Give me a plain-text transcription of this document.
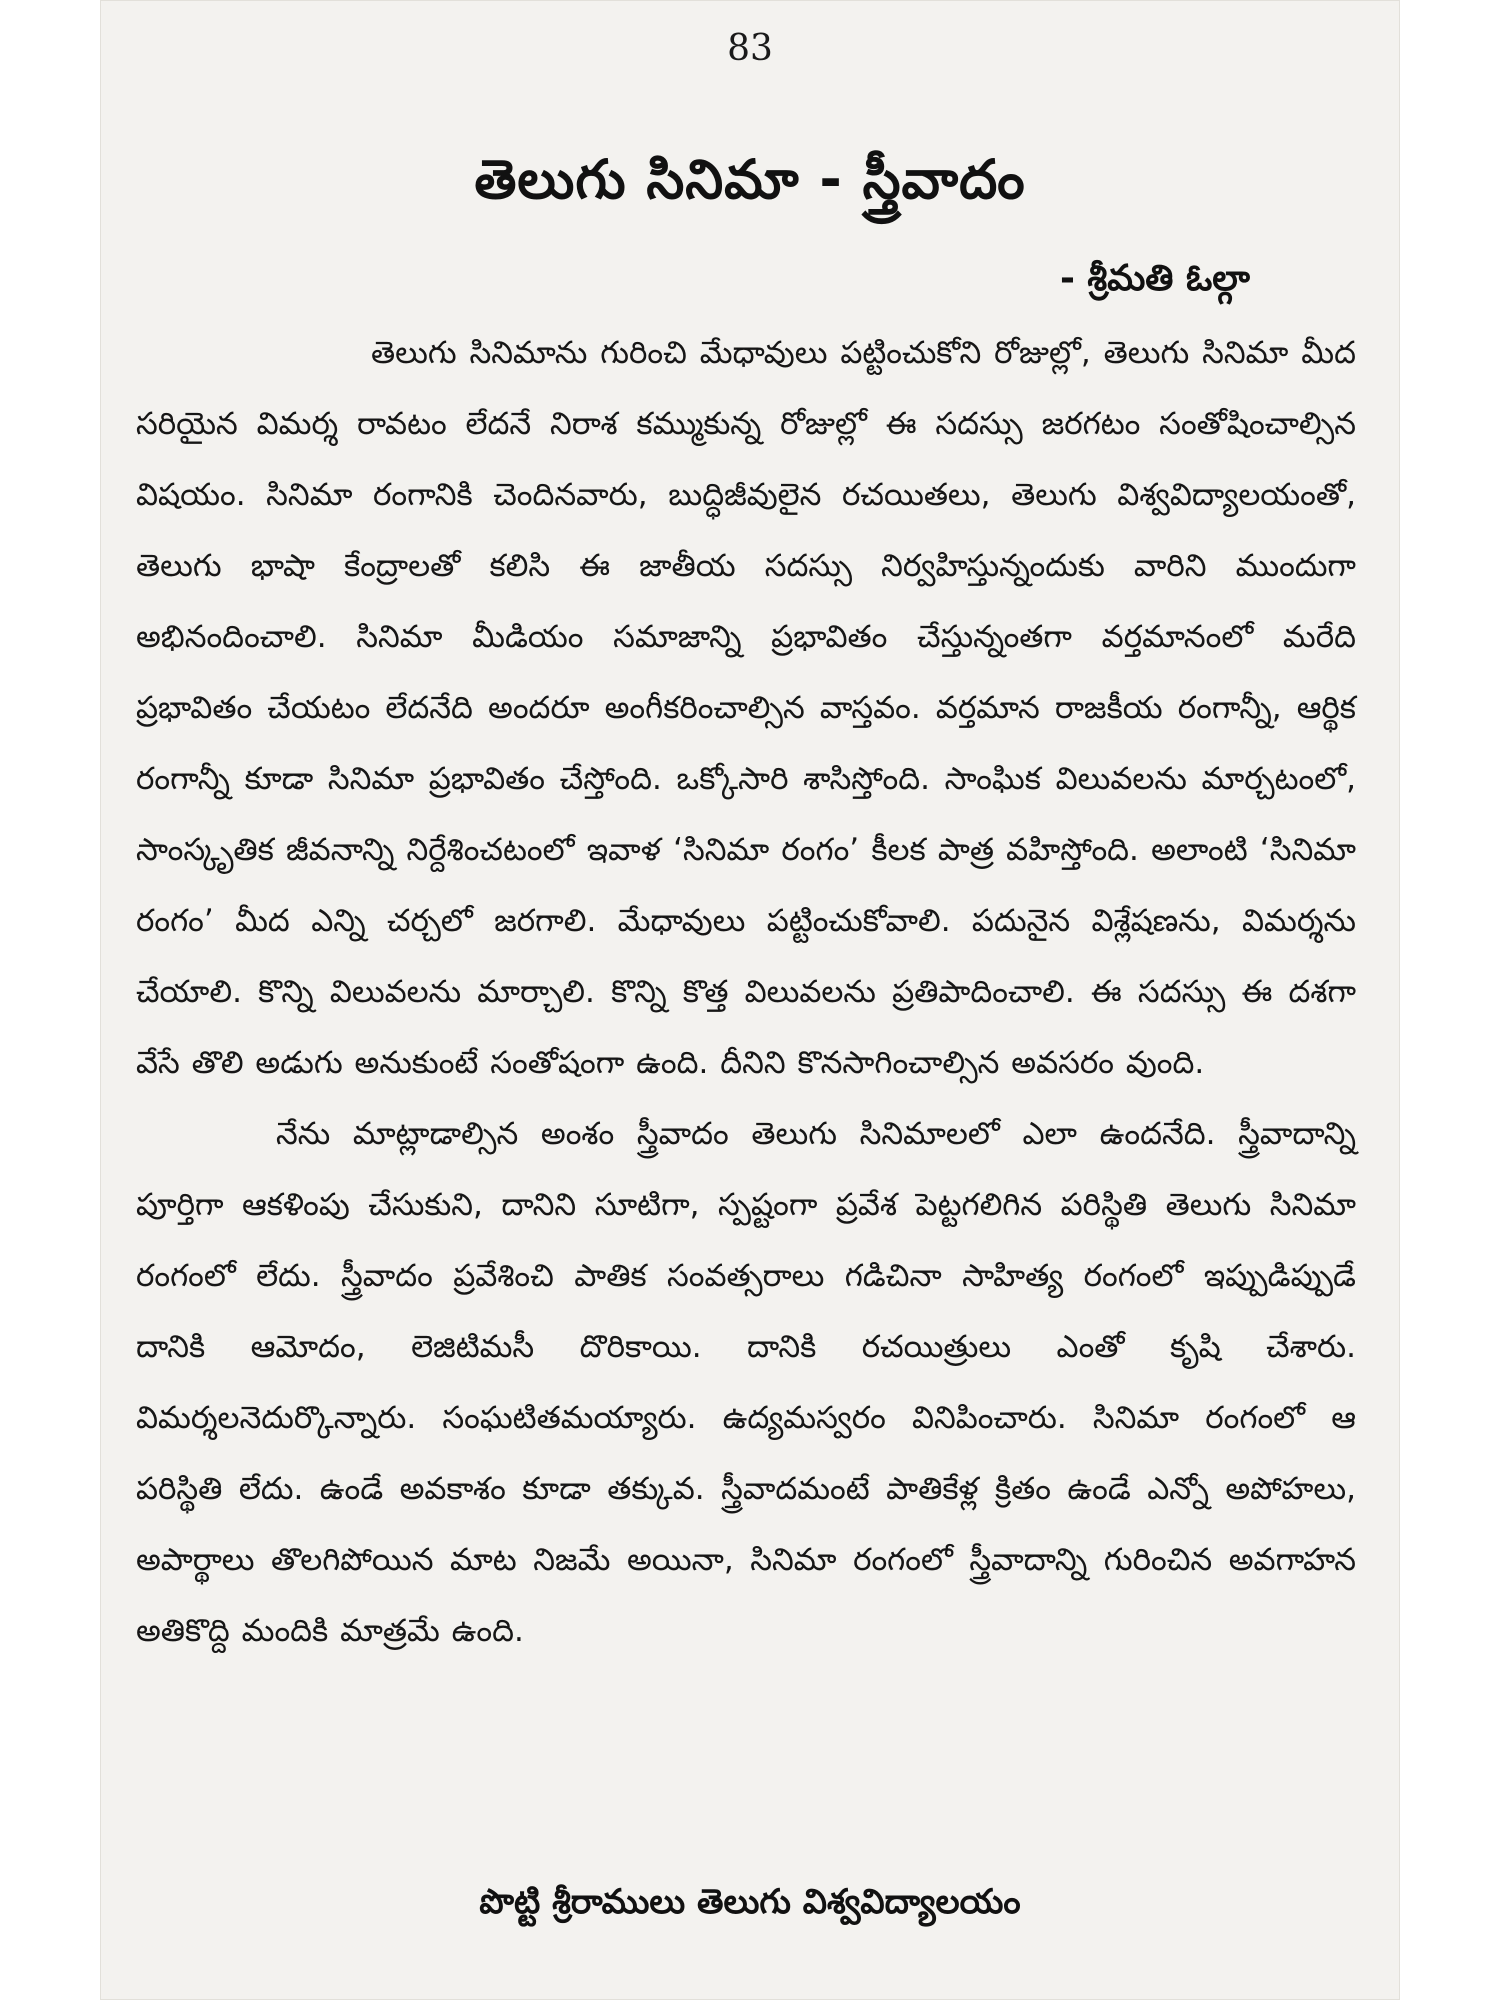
83
తెలుగు సినిమా - స్త్రీవాదం
- శ్రీమతి ఓల్గా

తెలుగు సినిమాను గురించి మేధావులు పట్టించుకోని రోజుల్లో, తెలుగు సినిమా మీద సరియైన విమర్శ రావటం లేదనే నిరాశ కమ్ముకున్న రోజుల్లో ఈ సదస్సు జరగటం సంతోషించాల్సిన విషయం. సినిమా రంగానికి చెందినవారు, బుద్ధిజీవులైన రచయితలు, తెలుగు విశ్వవిద్యాలయంతో, తెలుగు భాషా కేంద్రాలతో కలిసి ఈ జాతీయ సదస్సు నిర్వహిస్తున్నందుకు వారిని ముందుగా అభినందించాలి. సినిమా మీడియం సమాజాన్ని ప్రభావితం చేస్తున్నంతగా వర్తమానంలో మరేది ప్రభావితం చేయటం లేదనేది అందరూ అంగీకరించాల్సిన వాస్తవం. వర్తమాన రాజకీయ రంగాన్నీ, ఆర్థిక రంగాన్నీ కూడా సినిమా ప్రభావితం చేస్తోంది. ఒక్కోసారి శాసిస్తోంది. సాంఘిక విలువలను మార్చటంలో, సాంస్కృతిక జీవనాన్ని నిర్దేశించటంలో ఇవాళ ‘సినిమా రంగం’ కీలక పాత్ర వహిస్తోంది. అలాంటి ‘సినిమా రంగం’ మీద ఎన్ని చర్చలో జరగాలి. మేధావులు పట్టించుకోవాలి. పదునైన విశ్లేషణను, విమర్శను చేయాలి. కొన్ని విలువలను మార్చాలి. కొన్ని కొత్త విలువలను ప్రతిపాదించాలి. ఈ సదస్సు ఈ దశగా వేసే తొలి అడుగు అనుకుంటే సంతోషంగా ఉంది. దీనిని కొనసాగించాల్సిన అవసరం వుంది.

నేను మాట్లాడాల్సిన అంశం స్త్రీవాదం తెలుగు సినిమాలలో ఎలా ఉందనేది. స్త్రీవాదాన్ని పూర్తిగా ఆకళింపు చేసుకుని, దానిని సూటిగా, స్పష్టంగా ప్రవేశ పెట్టగలిగిన పరిస్థితి తెలుగు సినిమా రంగంలో లేదు. స్త్రీవాదం ప్రవేశించి పాతిక సంవత్సరాలు గడిచినా సాహిత్య రంగంలో ఇప్పుడిప్పుడే దానికి ఆమోదం, లెజిటిమసీ దొరికాయి. దానికి రచయిత్రులు ఎంతో కృషి చేశారు. విమర్శలనెదుర్కొన్నారు. సంఘటితమయ్యారు. ఉద్యమస్వరం వినిపించారు. సినిమా రంగంలో ఆ పరిస్థితి లేదు. ఉండే అవకాశం కూడా తక్కువ. స్త్రీవాదమంటే పాతికేళ్ల క్రితం ఉండే ఎన్నో అపోహలు, అపార్థాలు తొలగిపోయిన మాట నిజమే అయినా, సినిమా రంగంలో స్త్రీవాదాన్ని గురించిన అవగాహన అతికొద్ది మందికి మాత్రమే ఉంది.

పొట్టి శ్రీరాములు తెలుగు విశ్వవిద్యాలయం
